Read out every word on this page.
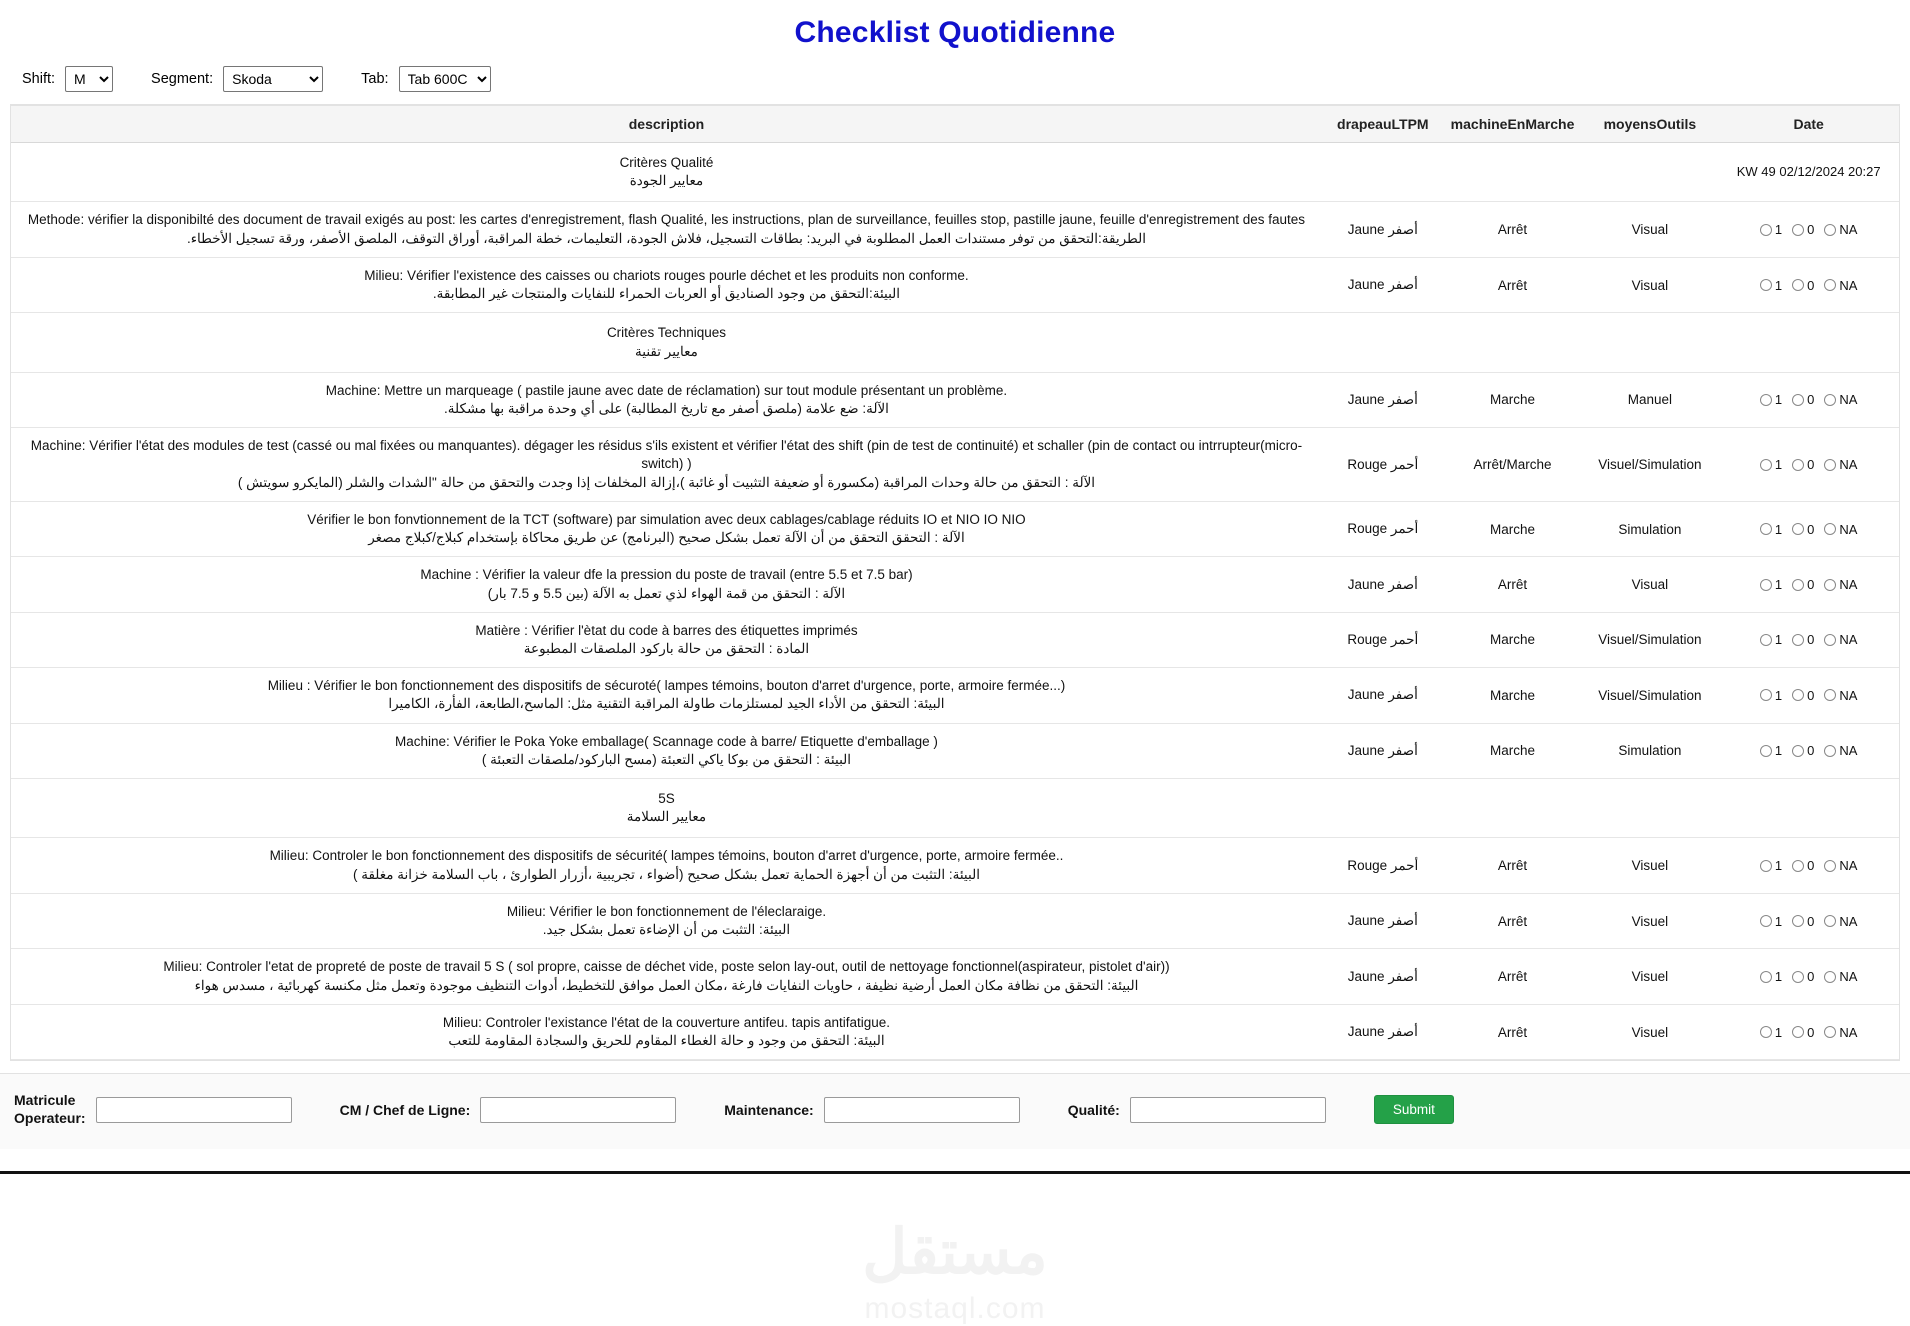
Checklist Quotidienne
Shift:
M	Segment:
Skoda	Tab:
Tab 600C
description	drapeauLTPM	machineEnMarche	moyensOutils	Date

Critères Qualité
معايير الجودة				KW 49 02/12/2024 20:27

Methode: vérifier la disponibilté des document de travail exigés au post: les cartes d'enregistrement, flash Qualité, les instructions, plan de surveillance, feuilles stop, pastille jaune, feuille d'enregistrement des fautes
الطريقة:التحقق من توفر مستندات العمل المطلوبة في البريد: بطاقات التسجيل، فلاش الجودة، التعليمات، خطة المراقبة، أوراق التوقف، الملصق الأصفر، ورقة تسجيل الأخطاء.
	Jaune أصفر	Arrêt	Visual	1 0 NA

Milieu: Vérifier l'existence des caisses ou chariots rouges pourle déchet et les produits non conforme.
البيئة:التحقق من وجود الصناديق أو العربات الحمراء للنفايات والمنتجات غير المطابقة.	Jaune أصفر	Arrêt	Visual	1 0 NA

Critères Techniques
معايير تقنية				

Machine: Mettre un marqueage ( pastile jaune avec date de réclamation) sur tout module présentant un problème.
الآلة: ضع علامة (ملصق أصفر مع تاريخ المطالبة) على أي وحدة مراقبة بها مشكلة.	Jaune أصفر	Marche	Manuel	1 0 NA

Machine: Vérifier l'état des modules de test (cassé ou mal fixées ou manquantes). dégager les résidus s'ils existent et vérifier l'état des shift (pin de test de continuité) et schaller (pin de contact ou intrrupteur(micro-switch) )
الآلة : التحقق من حالة وحدات المراقبة (مكسورة أو ضعيفة التثبيت أو غائبة )،إزالة المخلفات إذا وجدت والتحقق من حالة "الشدات والشلر (المايكرو سويتش )
	Rouge أحمر	Arrêt/Marche	Visuel/Simulation	1 0 NA

Vérifier le bon fonvtionnement de la TCT (software) par simulation avec deux cablages/cablage réduits IO et NIO IO NIO
الآلة : التحقق التحقق من أن الآلة تعمل بشكل صحيح (البرنامج) عن طريق محاكاة بإستخدام كبلاج/كبلاج مصغر
	Rouge أحمر	Marche	Simulation	1 0 NA

Machine : Vérifier la valeur dfe la pression du poste de travail (entre 5.5 et 7.5 bar)
الآلة : التحقق من قمة الهواء لذي تعمل به الآلة (بين 5.5 و 7.5 بار)	Jaune أصفر	Arrêt	Visual	1 0 NA

Matière : Vérifier l'ètat du code à barres des étiquettes imprimés
المادة : التحقق من حالة باركود الملصقات المطبوعة	Rouge أحمر	Marche	Visuel/Simulation	1 0 NA

Milieu : Vérifier le bon fonctionnement des dispositifs de sécuroté( lampes témoins, bouton d'arret d'urgence, porte, armoire fermée...)
البيئة: التحقق من الأداء الجيد لمستلزمات طاولة المراقبة التقنية مثل: الماسح،الطابعة، الفأرة، الكاميرا
	Jaune أصفر	Marche	Visuel/Simulation	1 0 NA

Machine: Vérifier le Poka Yoke emballage( Scannage code à barre/ Etiquette d'emballage )
البيئة : التحقق من بوكا ياكي التعبئة (مسح الباركود/ملصقات التعبئة )	Jaune أصفر	Marche	Simulation	1 0 NA

5S
معايير السلامة				

Milieu: Controler le bon fonctionnement des dispositifs de sécurité( lampes témoins, bouton d'arret d'urgence, porte, armoire fermée..
البيئة: التثبت من أن أجهزة الحماية تعمل بشكل صحيح (أضواء ، تجريبية ،أزرار الطوارئ ، باب السلامة خزانة مغلقة )
	Rouge أحمر	Arrêt	Visuel	1 0 NA

Milieu: Vérifier le bon fonctionnement de l'éleclaraige.
البيئة: التثبت من أن الإضاءة تعمل بشكل جيد.	Jaune أصفر	Arrêt	Visuel	1 0 NA

Milieu: Controler l'etat de propreté de poste de travail 5 S ( sol propre, caisse de déchet vide, poste selon lay-out, outil de nettoyage fonctionnel(aspirateur, pistolet d'air))
البيئة: التحقق من نظافة مكان العمل أرضية نظيفة ، حاويات النفايات فارغة ،مكان العمل موافق للتخطيط، أدوات التنظيف موجودة وتعمل مثل مكنسة كهربائية ، مسدس هواء
	Jaune أصفر	Arrêt	Visuel	1 0 NA

Milieu: Controler l'existance l'état de la couverture antifeu. tapis antifatigue.
البيئة: التحقق من وجود و حالة الغطاء المقاوم للحريق والسجادة المقاومة للتعب	Jaune أصفر	Arrêt	Visuel	1 0 NA
Matricule
Operateur:	CM / Chef de Ligne:	Maintenance:	Qualité:	Submit
مستقل
mostaql.com
